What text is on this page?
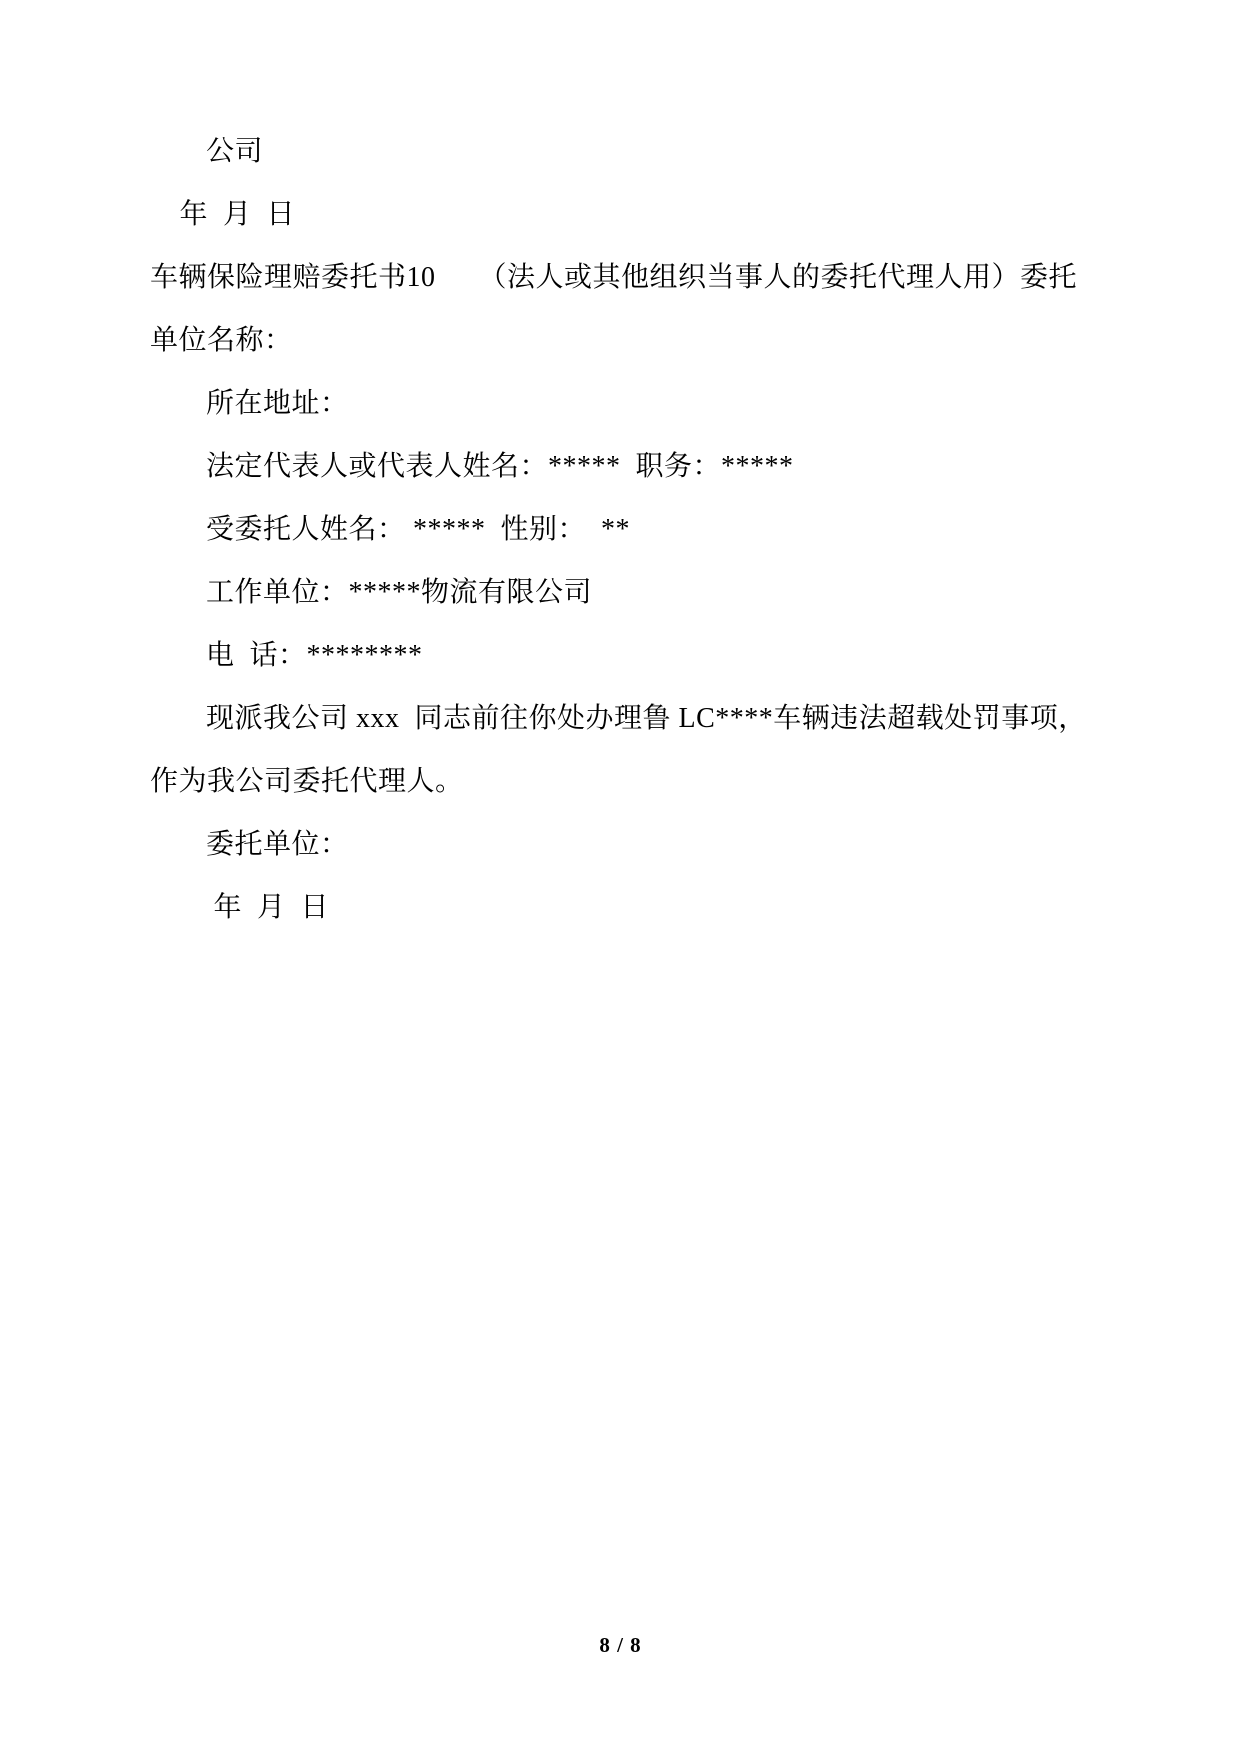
公司
年  月  日
车辆保险理赔委托书10　　（法人或其他组织当事人的委托代理人用）委托单位名称：
所在地址：
法定代表人或代表人姓名：*****  职务：*****
受委托人姓名： *****  性别：  **
工作单位：*****物流有限公司
电  话：********
现派我公司 xxx  同志前往你处办理鲁 LC****车辆违法超载处罚事项，作为我公司委托代理人。
委托单位：
年  月  日
8 / 8
